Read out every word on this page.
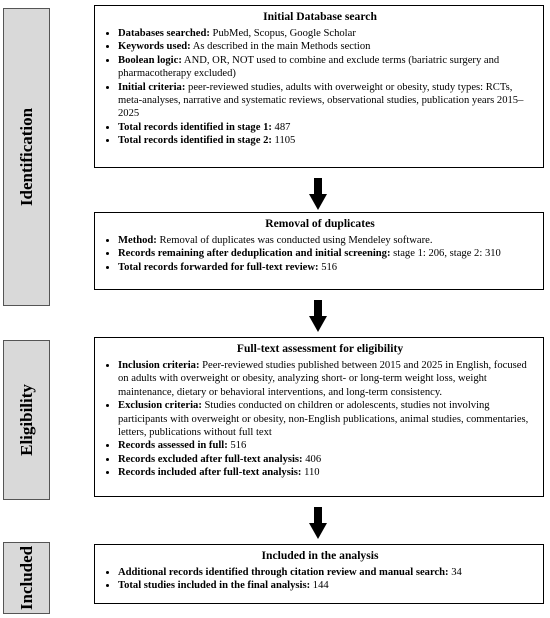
Identification
Eligibility
Included
Initial Database search
• Databases searched: PubMed, Scopus, Google Scholar
• Keywords used: As described in the main Methods section
• Boolean logic: AND, OR, NOT used to combine and exclude terms (bariatric surgery and pharmacotherapy excluded)
• Initial criteria: peer-reviewed studies, adults with overweight or obesity, study types: RCTs, meta-analyses, narrative and systematic reviews, observational studies, publication years 2015–2025
• Total records identified in stage 1: 487
• Total records identified in stage 2: 1105
Removal of duplicates
• Method: Removal of duplicates was conducted using Mendeley software.
• Records remaining after deduplication and initial screening: stage 1: 206, stage 2: 310
• Total records forwarded for full-text review: 516
Full-text assessment for eligibility
• Inclusion criteria: Peer-reviewed studies published between 2015 and 2025 in English, focused on adults with overweight or obesity, analyzing short- or long-term weight loss, weight maintenance, dietary or behavioral interventions, and long-term consistency.
• Exclusion criteria: Studies conducted on children or adolescents, studies not involving participants with overweight or obesity, non-English publications, animal studies, commentaries, letters, publications without full text
• Records assessed in full: 516
• Records excluded after full-text analysis: 406
• Records included after full-text analysis: 110
Included in the analysis
• Additional records identified through citation review and manual search: 34
• Total studies included in the final analysis: 144
